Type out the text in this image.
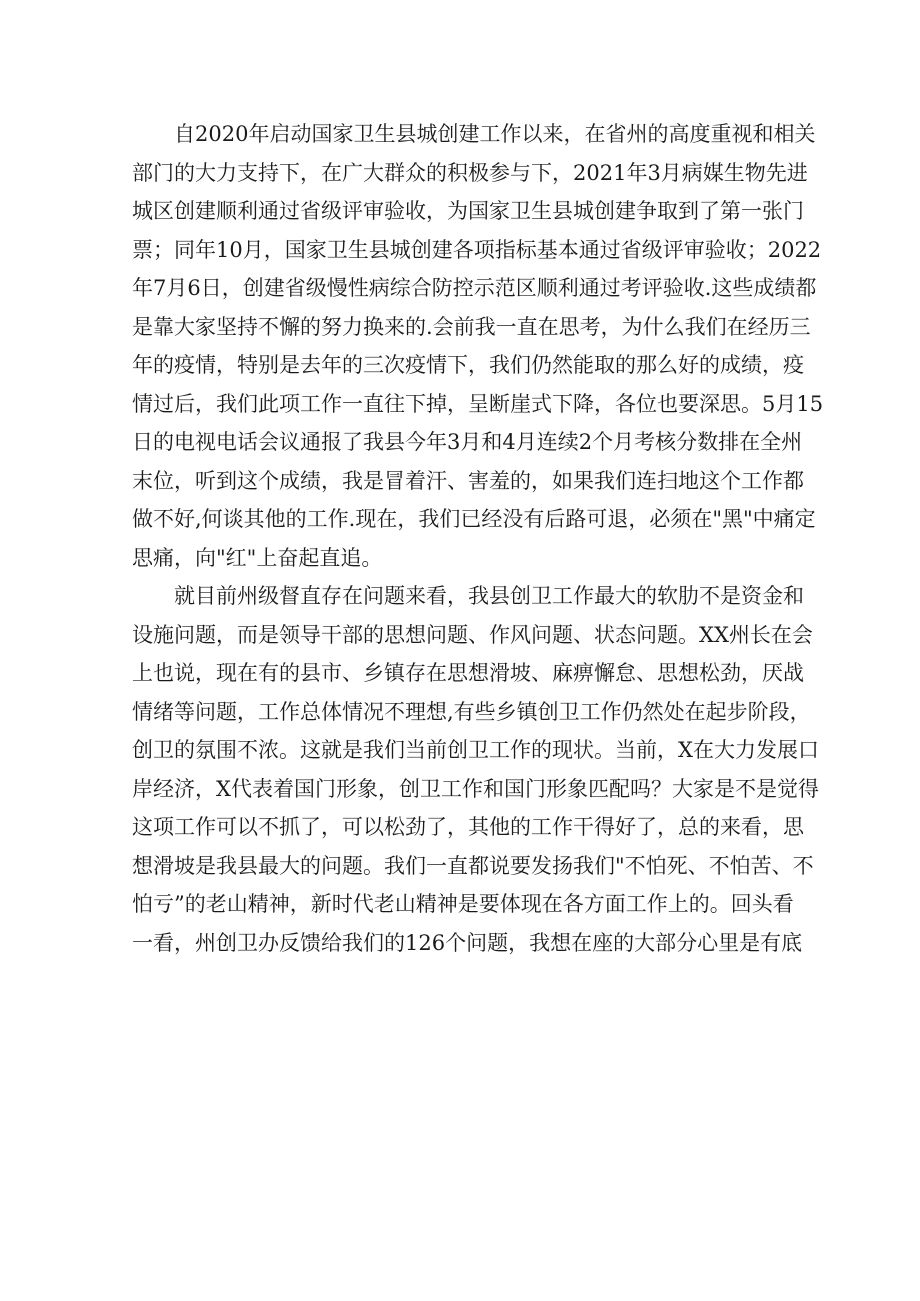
自2020年启动国家卫生县城创建工作以来，在省州的高度重视和相关
部门的大力支持下，在广大群众的积极参与下，2021年3月病媒生物先进
城区创建顺利通过省级评审验收，为国家卫生县城创建争取到了第一张门
票；同年10月，国家卫生县城创建各项指标基本通过省级评审验收；2022
年7月6日，创建省级慢性病综合防控示范区顺利通过考评验收.这些成绩都
是靠大家坚持不懈的努力换来的.会前我一直在思考，为什么我们在经历三
年的疫情，特别是去年的三次疫情下，我们仍然能取的那么好的成绩，疫
情过后，我们此项工作一直往下掉，呈断崖式下降，各位也要深思。5月15
日的电视电话会议通报了我县今年3月和4月连续2个月考核分数排在全州
末位，听到这个成绩，我是冒着汗、害羞的，如果我们连扫地这个工作都
做不好,何谈其他的工作.现在，我们已经没有后路可退，必须在"黑"中痛定
思痛，向"红"上奋起直追。
就目前州级督直存在问题来看，我县创卫工作最大的软肋不是资金和
设施问题，而是领导干部的思想问题、作风问题、状态问题。XX州长在会
上也说，现在有的县市、乡镇存在思想滑坡、麻痹懈怠、思想松劲，厌战
情绪等问题，工作总体情况不理想,有些乡镇创卫工作仍然处在起步阶段，
创卫的氛围不浓。这就是我们当前创卫工作的现状。当前，X在大力发展口
岸经济，X代表着国门形象，创卫工作和国门形象匹配吗？大家是不是觉得
这项工作可以不抓了，可以松劲了，其他的工作干得好了，总的来看，思
想滑坡是我县最大的问题。我们一直都说要发扬我们"不怕死、不怕苦、不
怕亏”的老山精神，新时代老山精神是要体现在各方面工作上的。回头看
一看，州创卫办反馈给我们的126个问题，我想在座的大部分心里是有底
